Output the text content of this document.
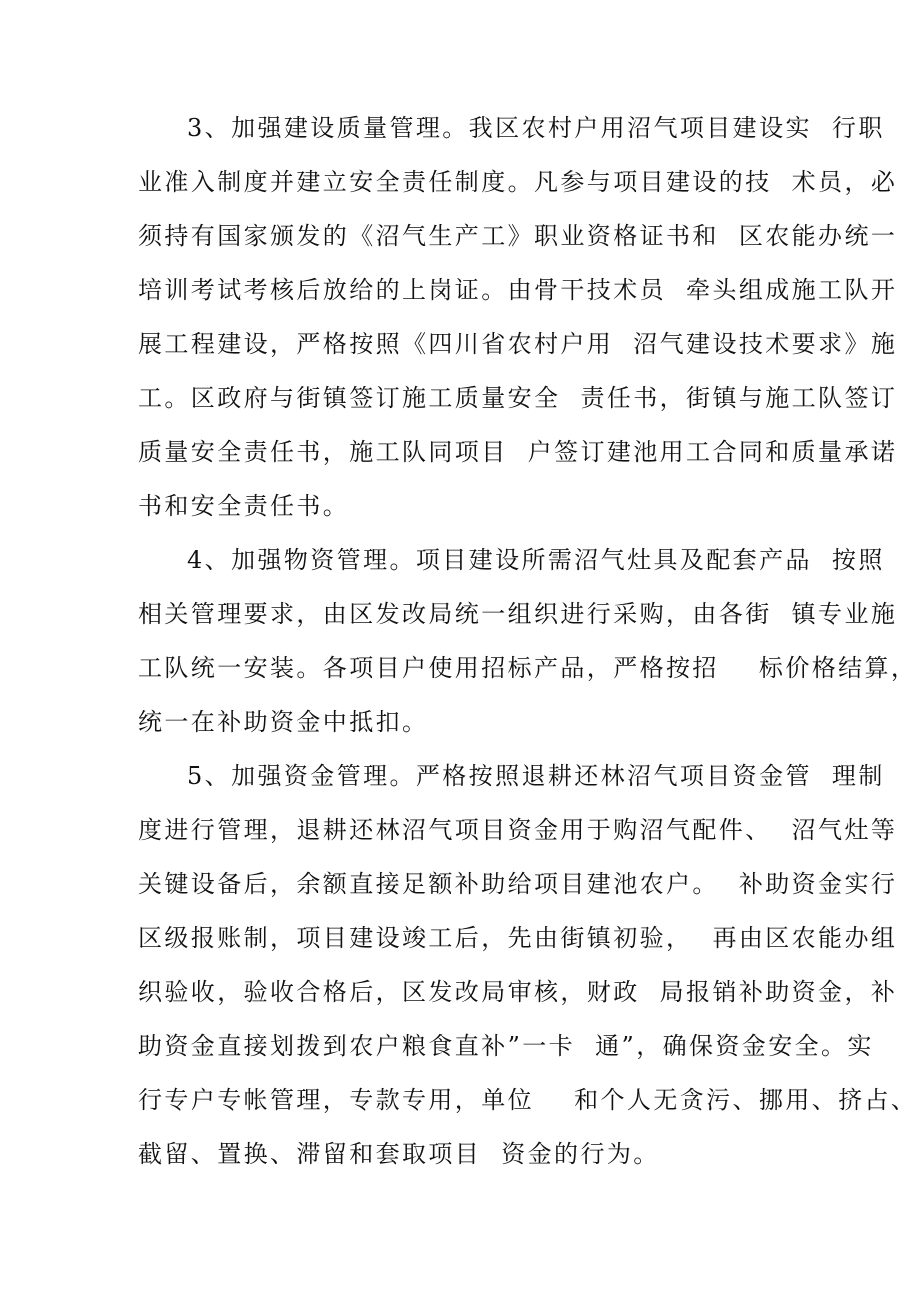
3、加强建设质量管理。我区农村户用沼气项目建设实  行职
业准入制度并建立安全责任制度。凡参与项目建设的技  术员，必
须持有国家颁发的《沼气生产工》职业资格证书和  区农能办统一
培训考试考核后放给的上岗证。由骨干技术员  牵头组成施工队开
展工程建设，严格按照《四川省农村户用  沼气建设技术要求》施
工。区政府与街镇签订施工质量安全  责任书，街镇与施工队签订
质量安全责任书，施工队同项目  户签订建池用工合同和质量承诺
书和安全责任书。
4、加强物资管理。项目建设所需沼气灶具及配套产品  按照
相关管理要求，由区发改局统一组织进行采购，由各街  镇专业施
工队统一安装。各项目户使用招标产品，严格按招    标价格结算，
统一在补助资金中抵扣。
5、加强资金管理。严格按照退耕还林沼气项目资金管  理制
度进行管理，退耕还林沼气项目资金用于购沼气配件、  沼气灶等
关键设备后，余额直接足额补助给项目建池农户。  补助资金实行
区级报账制，项目建设竣工后，先由街镇初验，  再由区农能办组
织验收，验收合格后，区发改局审核，财政  局报销补助资金，补
助资金直接划拨到农户粮食直补”一卡  通”，确保资金安全。实
行专户专帐管理，专款专用，单位    和个人无贪污、挪用、挤占、
截留、置换、滞留和套取项目  资金的行为。
